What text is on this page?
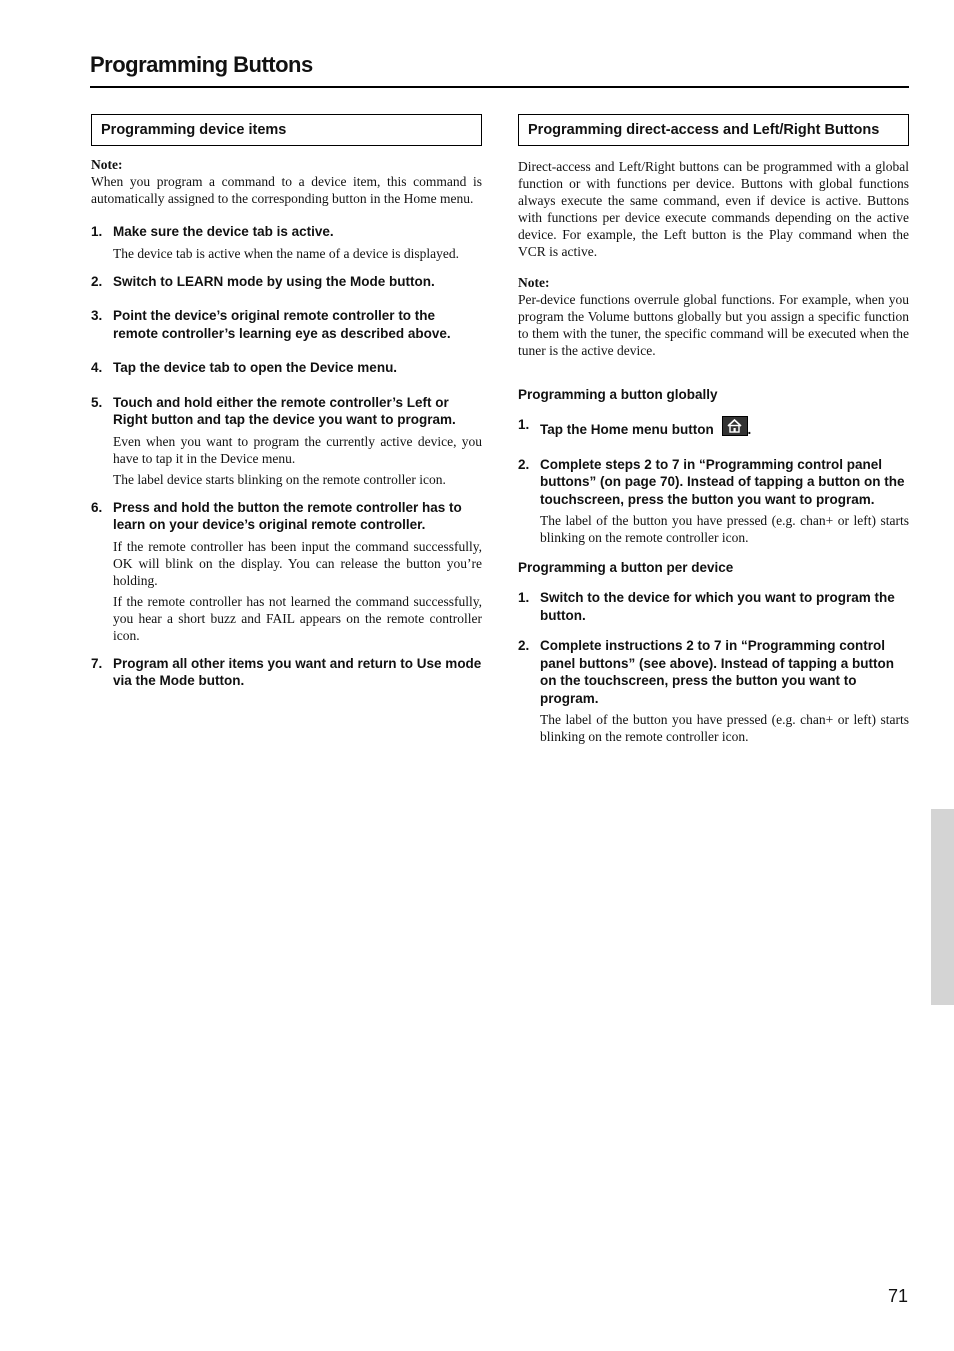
Programming Buttons
Programming device items
Note:
When you program a command to a device item, this command is automatically assigned to the corresponding button in the Home menu.
1. Make sure the device tab is active.
The device tab is active when the name of a device is displayed.
2. Switch to LEARN mode by using the Mode button.
3. Point the device’s original remote controller to the remote controller’s learning eye as described above.
4. Tap the device tab to open the Device menu.
5. Touch and hold either the remote controller’s Left or Right button and tap the device you want to program.
Even when you want to program the currently active device, you have to tap it in the Device menu.
The label device starts blinking on the remote controller icon.
6. Press and hold the button the remote controller has to learn on your device’s original remote controller.
If the remote controller has been input the command successfully, OK will blink on the display. You can release the button you’re holding.
If the remote controller has not learned the command successfully, you hear a short buzz and FAIL appears on the remote controller icon.
7. Program all other items you want and return to Use mode via the Mode button.
Programming direct-access and Left/Right Buttons
Direct-access and Left/Right buttons can be programmed with a global function or with functions per device. Buttons with global functions always execute the same command, even if device is active. Buttons with functions per device execute commands depending on the active device. For example, the Left button is the Play command when the VCR is active.
Note:
Per-device functions overrule global functions. For example, when you program the Volume buttons globally but you assign a specific function to them with the tuner, the specific command will be executed when the tuner is the active device.
Programming a button globally
1. Tap the Home menu button	.
2. Complete steps 2 to 7 in “Programming control panel buttons” (on page 70). Instead of tapping a button on the touchscreen, press the button you want to program.
The label of the button you have pressed (e.g. chan+ or left) starts blinking on the remote controller icon.
Programming a button per device
1. Switch to the device for which you want to program the button.
2. Complete instructions 2 to 7 in “Programming control panel buttons” (see above). Instead of tapping a button on the touchscreen, press the button you want to program.
The label of the button you have pressed (e.g. chan+ or left) starts blinking on the remote controller icon.
71
